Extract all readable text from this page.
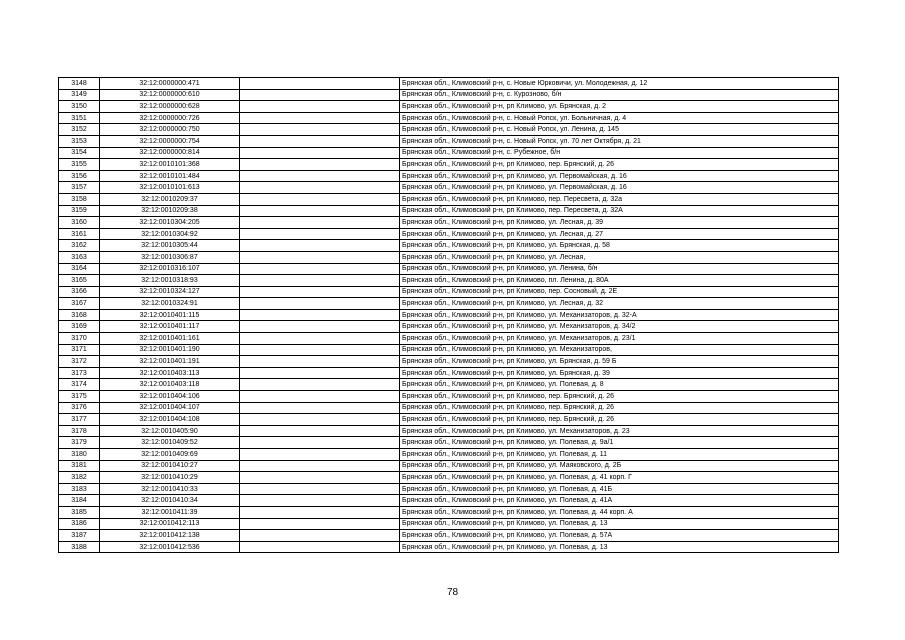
3148	32:12:0000000:471		Брянская обл., Климовский р-н, с. Новые Юрковичи, ул. Молодежная, д. 12
3149	32:12:0000000:610		Брянская обл., Климовский р-н, с. Курозново, б/н
3150	32:12:0000000:628		Брянская обл., Климовский р-н, рп Климово, ул. Брянская, д. 2
3151	32:12:0000000:726		Брянская обл., Климовский р-н, с. Новый Ропск, ул. Больничная, д. 4
3152	32:12:0000000:750		Брянская обл., Климовский р-н, с. Новый Ропск, ул. Ленина, д. 145
3153	32:12:0000000:754		Брянская обл., Климовский р-н, с. Новый Ропск, ул. 70 лет Октября, д. 21
3154	32:12:0000000:814		Брянская обл., Климовский р-н, с. Рубежное, б/н
3155	32:12:0010101:368		Брянская обл., Климовский р-н, рп Климово, пер. Брянский, д. 26
3156	32:12:0010101:484		Брянская обл., Климовский р-н, рп Климово, ул. Первомайская, д. 16
3157	32:12:0010101:613		Брянская обл., Климовский р-н, рп Климово, ул. Первомайская, д. 16
3158	32:12:0010209:37		Брянская обл., Климовский р-н, рп Климово, пер. Пересвета, д. 32а
3159	32:12:0010209:38		Брянская обл., Климовский р-н, рп Климово, пер. Пересвета, д. 32А
3160	32:12:0010304:205		Брянская обл., Климовский р-н, рп Климово, ул. Лесная, д. 39
3161	32:12:0010304:92		Брянская обл., Климовский р-н, рп Климово, ул. Лесная, д. 27
3162	32:12:0010305:44		Брянская обл., Климовский р-н, рп Климово, ул. Брянская, д. 58
3163	32:12:0010306:87		Брянская обл., Климовский р-н, рп Климово, ул. Лесная,
3164	32:12:0010316:107		Брянская обл., Климовский р-н, рп Климово, ул. Ленина, б/н
3165	32:12:0010318:93		Брянская обл., Климовский р-н, рп Климово, пл. Ленина, д. 80А
3166	32:12:0010324:127		Брянская обл., Климовский р-н, рп Климово, пер. Сосновый, д. 2Е
3167	32:12:0010324:91		Брянская обл., Климовский р-н, рп Климово, ул. Лесная, д. 32
3168	32:12:0010401:115		Брянская обл., Климовский р-н, рп Климово, ул. Механизаторов, д. 32-А
3169	32:12:0010401:117		Брянская обл., Климовский р-н, рп Климово, ул. Механизаторов, д. 34/2
3170	32:12:0010401:161		Брянская обл., Климовский р-н, рп Климово, ул. Механизаторов, д. 23/1
3171	32:12:0010401:190		Брянская обл., Климовский р-н, рп Климово, ул. Механизаторов,
3172	32:12:0010401:191		Брянская обл., Климовский р-н, рп Климово, ул. Брянская, д. 59 Б
3173	32:12:0010403:113		Брянская обл., Климовский р-н, рп Климово, ул. Брянская, д. 39
3174	32:12:0010403:118		Брянская обл., Климовский р-н, рп Климово, ул. Полевая, д. 8
3175	32:12:0010404:106		Брянская обл., Климовский р-н, рп Климово, пер. Брянский, д. 26
3176	32:12:0010404:107		Брянская обл., Климовский р-н, рп Климово, пер. Брянский, д. 26
3177	32:12:0010404:108		Брянская обл., Климовский р-н, рп Климово, пер. Брянский, д. 26
3178	32:12:0010405:90		Брянская обл., Климовский р-н, рп Климово, ул. Механизаторов, д. 23
3179	32:12:0010409:52		Брянская обл., Климовский р-н, рп Климово, ул. Полевая, д. 9а/1
3180	32:12:0010409:69		Брянская обл., Климовский р-н, рп Климово, ул. Полевая, д. 11
3181	32:12:0010410:27		Брянская обл., Климовский р-н, рп Климово, ул. Маяковского, д. 2Б
3182	32:12:0010410:29		Брянская обл., Климовский р-н, рп Климово, ул. Полевая, д. 41 корп. Г
3183	32:12:0010410:33		Брянская обл., Климовский р-н, рп Климово, ул. Полевая, д. 41Б
3184	32:12:0010410:34		Брянская обл., Климовский р-н, рп Климово, ул. Полевая, д. 41А
3185	32:12:0010411:39		Брянская обл., Климовский р-н, рп Климово, ул. Полевая, д. 44 корп. А
3186	32:12:0010412:113		Брянская обл., Климовский р-н, рп Климово, ул. Полевая, д. 13
3187	32:12:0010412:138		Брянская обл., Климовский р-н, рп Климово, ул. Полевая, д. 57А
3188	32:12:0010412:536		Брянская обл., Климовский р-н, рп Климово, ул. Полевая, д. 13
78
